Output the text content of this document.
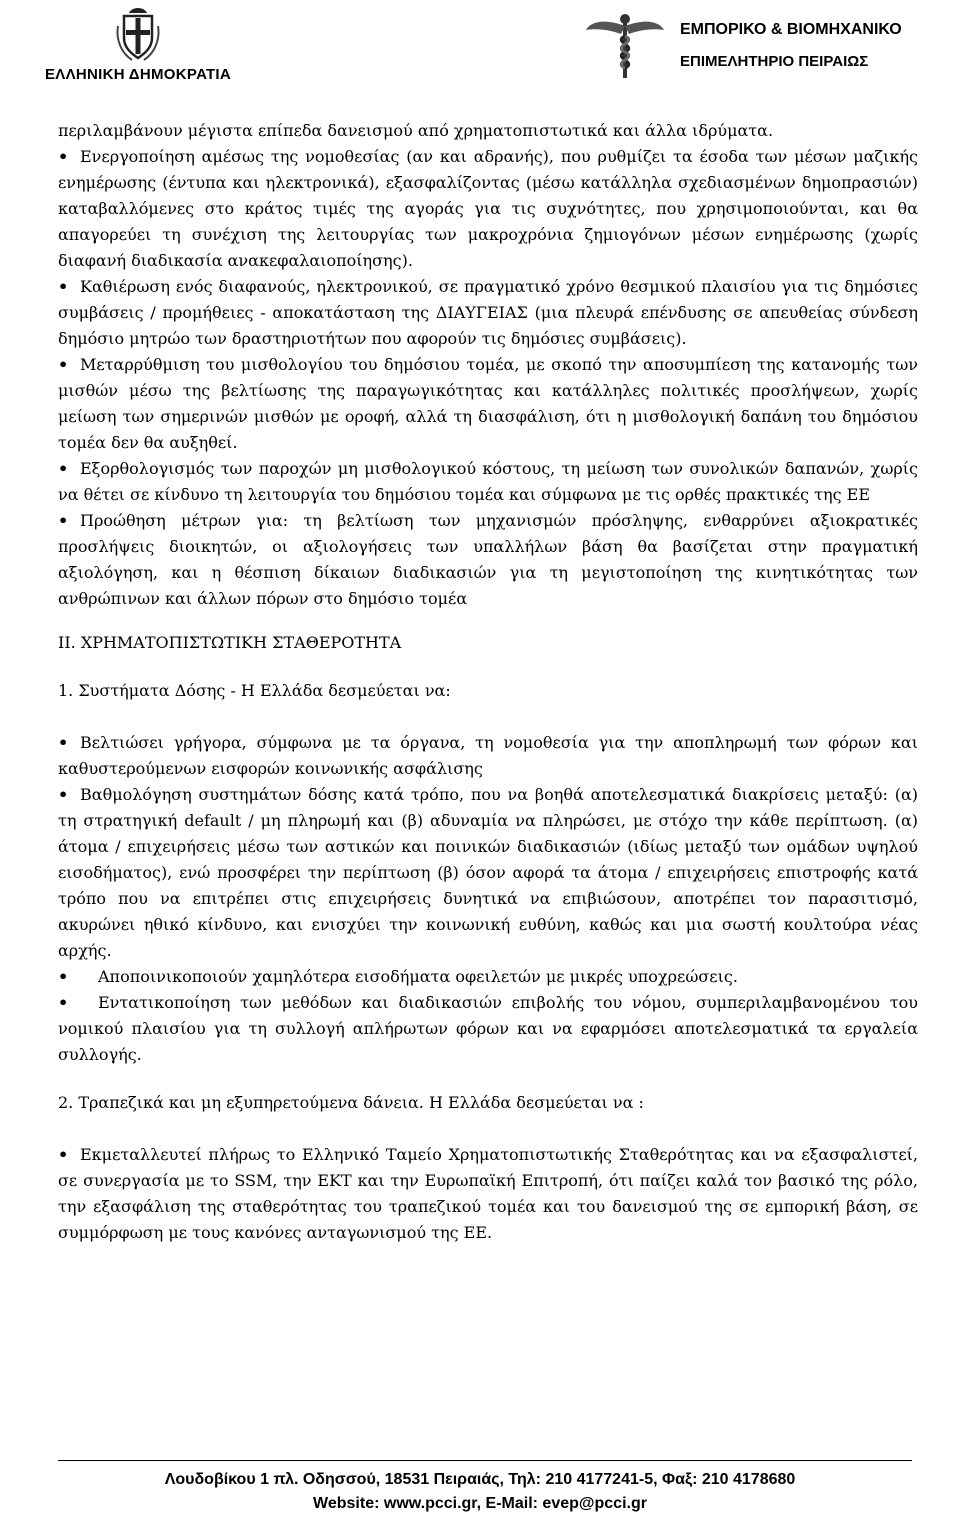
ΕΛΛΗΝΙΚΗ ΔΗΜΟΚΡΑΤΙΑ
ΕΜΠΟΡΙΚΟ & ΒΙΟΜΗΧΑΝΙΚΟ
ΕΠΙΜΕΛΗΤΗΡΙΟ ΠΕΙΡΑΙΩΣ

περιλαμβάνουν μέγιστα επίπεδα δανεισμού από χρηματοπιστωτικά και άλλα ιδρύματα.

• Ενεργοποίηση αμέσως της νομοθεσίας (αν και αδρανής), που ρυθμίζει τα έσοδα των μέσων μαζικής ενημέρωσης (έντυπα και ηλεκτρονικά), εξασφαλίζοντας (μέσω κατάλληλα σχεδιασμένων δημοπρασιών) καταβαλλόμενες στο κράτος τιμές της αγοράς για τις συχνότητες, που χρησιμοποιούνται, και θα απαγορεύει τη συνέχιση της λειτουργίας των μακροχρόνια ζημιογόνων μέσων ενημέρωσης (χωρίς διαφανή διαδικασία ανακεφαλαιοποίησης).

• Καθιέρωση ενός διαφανούς, ηλεκτρονικού, σε πραγματικό χρόνο θεσμικού πλαισίου για τις δημόσιες συμβάσεις / προμήθειες - αποκατάσταση της ΔΙΑΥΓΕΙΑΣ (μια πλευρά επένδυσης σε απευθείας σύνδεση δημόσιο μητρώο των δραστηριοτήτων που αφορούν τις δημόσιες συμβάσεις).

• Μεταρρύθμιση του μισθολογίου του δημόσιου τομέα, με σκοπό την αποσυμπίεση της κατανομής των μισθών μέσω της βελτίωσης της παραγωγικότητας και κατάλληλες πολιτικές προσλήψεων, χωρίς μείωση των σημερινών μισθών με οροφή, αλλά τη διασφάλιση, ότι η μισθολογική δαπάνη του δημόσιου τομέα δεν θα αυξηθεί.

• Εξορθολογισμός των παροχών μη μισθολογικού κόστους, τη μείωση των συνολικών δαπανών, χωρίς να θέτει σε κίνδυνο τη λειτουργία του δημόσιου τομέα και σύμφωνα με τις ορθές πρακτικές της ΕΕ

• Προώθηση μέτρων για: τη βελτίωση των μηχανισμών πρόσληψης, ενθαρρύνει αξιοκρατικές προσλήψεις διοικητών, οι αξιολογήσεις των υπαλλήλων βάση θα βασίζεται στην πραγματική αξιολόγηση, και η θέσπιση δίκαιων διαδικασιών για τη μεγιστοποίηση της κινητικότητας των ανθρώπινων και άλλων πόρων στο δημόσιο τομέα

ΙΙ. ΧΡΗΜΑΤΟΠΙΣΤΩΤΙΚΗ ΣΤΑΘΕΡΟΤΗΤΑ

1. Συστήματα Δόσης - Η Ελλάδα δεσμεύεται να:

• Βελτιώσει γρήγορα, σύμφωνα με τα όργανα, τη νομοθεσία για την αποπληρωμή των φόρων και καθυστερούμενων εισφορών κοινωνικής ασφάλισης

• Βαθμολόγηση συστημάτων δόσης κατά τρόπο, που να βοηθά αποτελεσματικά διακρίσεις μεταξύ: (α) τη στρατηγική default / μη πληρωμή και (β) αδυναμία να πληρώσει, με στόχο την κάθε περίπτωση. (α) άτομα / επιχειρήσεις μέσω των αστικών και ποινικών διαδικασιών (ιδίως μεταξύ των ομάδων υψηλού εισοδήματος), ενώ προσφέρει την περίπτωση (β) όσον αφορά τα άτομα / επιχειρήσεις επιστροφής κατά τρόπο που να επιτρέπει στις επιχειρήσεις δυνητικά να επιβιώσουν, αποτρέπει τον παρασιτισμό, ακυρώνει ηθικό κίνδυνο, και ενισχύει την κοινωνική ευθύνη, καθώς και μια σωστή κουλτούρα νέας αρχής.

• Αποποινικοποιούν χαμηλότερα εισοδήματα οφειλετών με μικρές υποχρεώσεις.

• Εντατικοποίηση των μεθόδων και διαδικασιών επιβολής του νόμου, συμπεριλαμβανομένου του νομικού πλαισίου για τη συλλογή απλήρωτων φόρων και να εφαρμόσει αποτελεσματικά τα εργαλεία συλλογής.

2. Τραπεζικά και μη εξυπηρετούμενα δάνεια. Η Ελλάδα δεσμεύεται να :

• Εκμεταλλευτεί πλήρως το Ελληνικό Ταμείο Χρηματοπιστωτικής Σταθερότητας και να εξασφαλιστεί, σε συνεργασία με το SSM, την ΕΚΤ και την Ευρωπαϊκή Επιτροπή, ότι παίζει καλά τον βασικό της ρόλο, την εξασφάλιση της σταθερότητας του τραπεζικού τομέα και του δανεισμού της σε εμπορική βάση, σε συμμόρφωση με τους κανόνες ανταγωνισμού της ΕΕ.

Λουδοβίκου 1 πλ. Οδησσού, 18531 Πειραιάς, Τηλ: 210 4177241-5, Φαξ: 210 4178680
Website: www.pcci.gr, E-Mail: evep@pcci.gr
